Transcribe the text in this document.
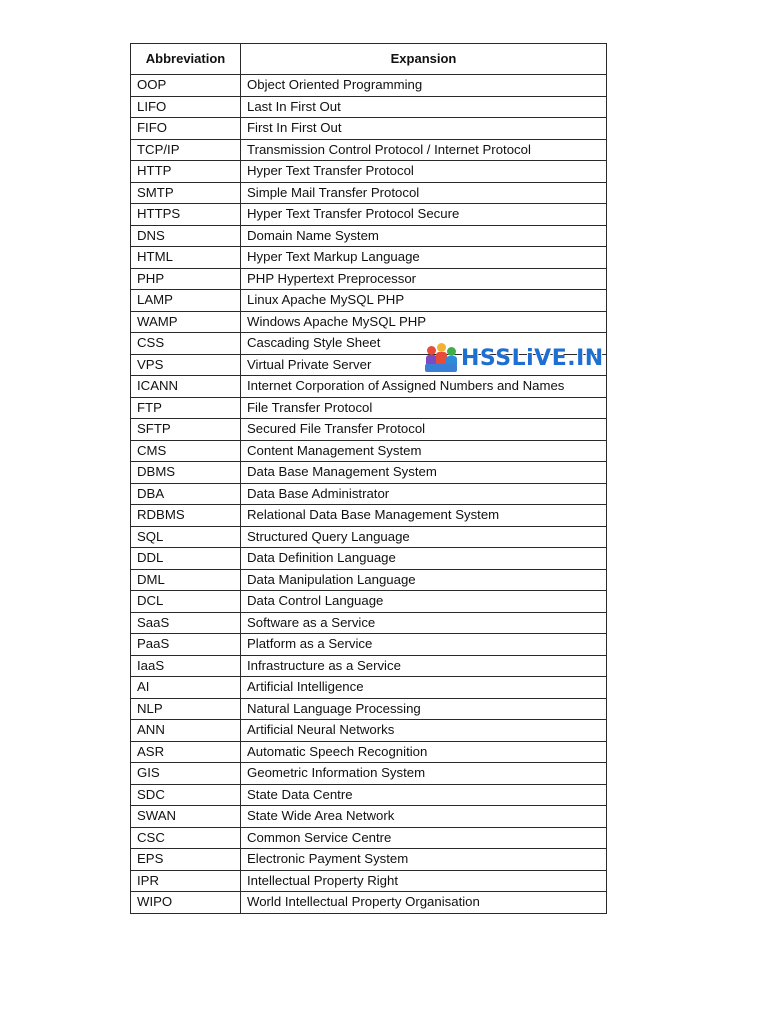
Abbreviation	Expansion
OOP	Object Oriented Programming
LIFO	Last In First Out
FIFO	First In First Out
TCP/IP	Transmission Control Protocol / Internet Protocol
HTTP	Hyper Text Transfer Protocol
SMTP	Simple Mail Transfer Protocol
HTTPS	Hyper Text Transfer Protocol Secure
DNS	Domain Name System
HTML	Hyper Text Markup Language
PHP	PHP Hypertext Preprocessor
LAMP	Linux Apache MySQL PHP
WAMP	Windows Apache MySQL PHP
CSS	Cascading Style Sheet
VPS	Virtual Private Server
ICANN	Internet Corporation of Assigned Numbers and Names
FTP	File Transfer Protocol
SFTP	Secured File Transfer Protocol
CMS	Content Management System
DBMS	Data Base Management System
DBA	Data Base Administrator
RDBMS	Relational Data Base Management System
SQL	Structured Query Language
DDL	Data Definition Language
DML	Data Manipulation Language
DCL	Data Control Language
SaaS	Software as a Service
PaaS	Platform as a Service
IaaS	Infrastructure as a Service
AI	Artificial Intelligence
NLP	Natural Language Processing
ANN	Artificial Neural Networks
ASR	Automatic Speech Recognition
GIS	Geometric Information System
SDC	State Data Centre
SWAN	State Wide Area Network
CSC	Common Service Centre
EPS	Electronic Payment System
IPR	Intellectual Property Right
WIPO	World Intellectual Property Organisation
HSSLiVE.IN
